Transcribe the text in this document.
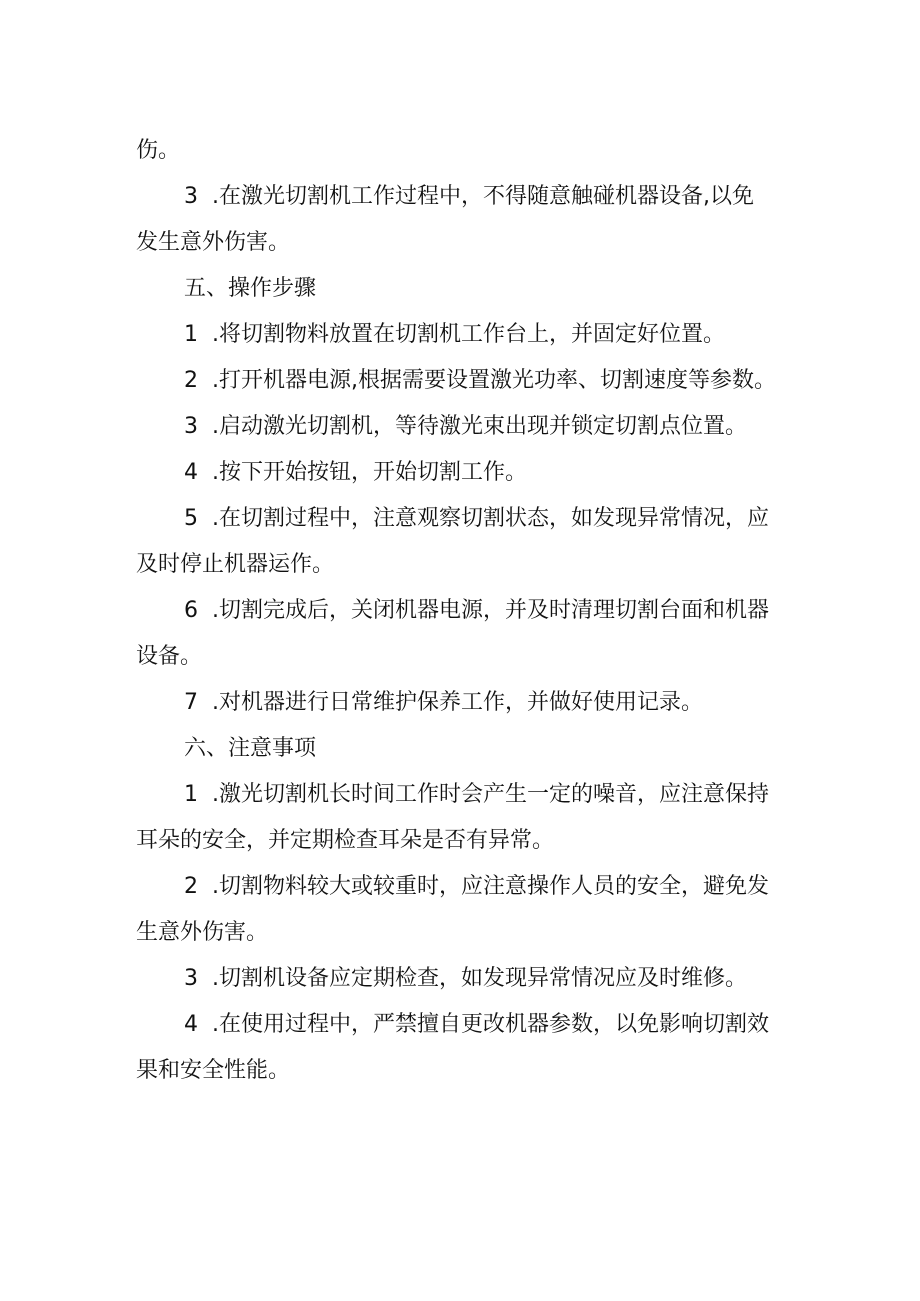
伤。
3 .在激光切割机工作过程中，不得随意触碰机器设备,以免
发生意外伤害。
五、操作步骤
1 .将切割物料放置在切割机工作台上，并固定好位置。
2 .打开机器电源,根据需要设置激光功率、切割速度等参数。
3 .启动激光切割机，等待激光束出现并锁定切割点位置。
4 .按下开始按钮，开始切割工作。
5 .在切割过程中，注意观察切割状态，如发现异常情况，应
及时停止机器运作。
6 .切割完成后，关闭机器电源，并及时清理切割台面和机器
设备。
7 .对机器进行日常维护保养工作，并做好使用记录。
六、注意事项
1 .激光切割机长时间工作时会产生一定的噪音，应注意保持
耳朵的安全，并定期检查耳朵是否有异常。
2 .切割物料较大或较重时，应注意操作人员的安全，避免发
生意外伤害。
3 .切割机设备应定期检查，如发现异常情况应及时维修。
4 .在使用过程中，严禁擅自更改机器参数，以免影响切割效
果和安全性能。
